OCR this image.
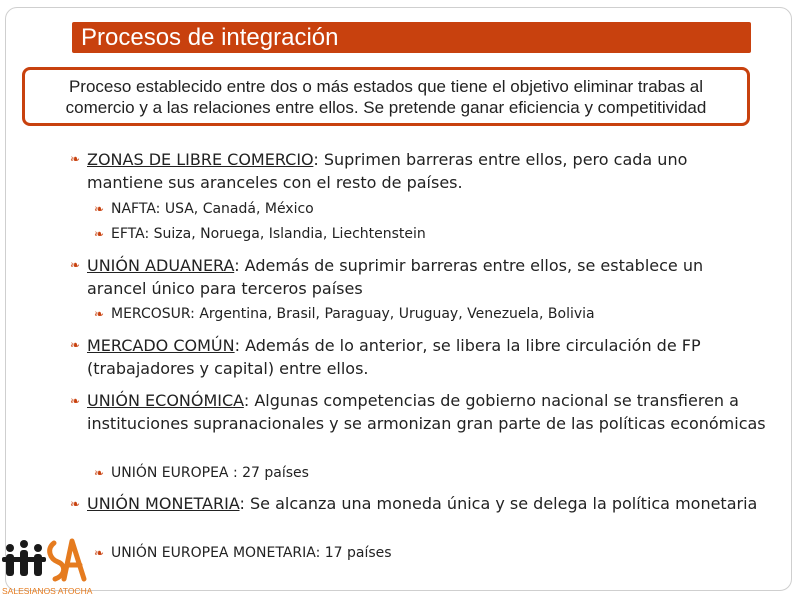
Procesos de integración
Proceso establecido entre dos o más estados que tiene el objetivo eliminar trabas al comercio y a las relaciones entre ellos. Se pretende ganar eficiencia y competitividad
❧ ZONAS DE LIBRE COMERCIO: Suprimen barreras entre ellos, pero cada uno mantiene sus aranceles con el resto de países.
❧ NAFTA: USA, Canadá, México
❧ EFTA: Suiza, Noruega, Islandia, Liechtenstein
❧ UNIÓN ADUANERA: Además de suprimir barreras entre ellos, se establece un arancel único para terceros países
❧ MERCOSUR: Argentina, Brasil, Paraguay, Uruguay, Venezuela, Bolivia
❧ MERCADO COMÚN: Además de lo anterior, se libera la libre circulación de FP (trabajadores y capital) entre ellos.
❧ UNIÓN ECONÓMICA: Algunas competencias de gobierno nacional se transfieren a instituciones supranacionales y se armonizan gran parte de las políticas económicas
❧ UNIÓN EUROPEA : 27 países
❧ UNIÓN MONETARIA: Se alcanza una moneda única y se delega la política monetaria
❧ UNIÓN EUROPEA MONETARIA: 17 países
SALESIANOS ATOCHA
